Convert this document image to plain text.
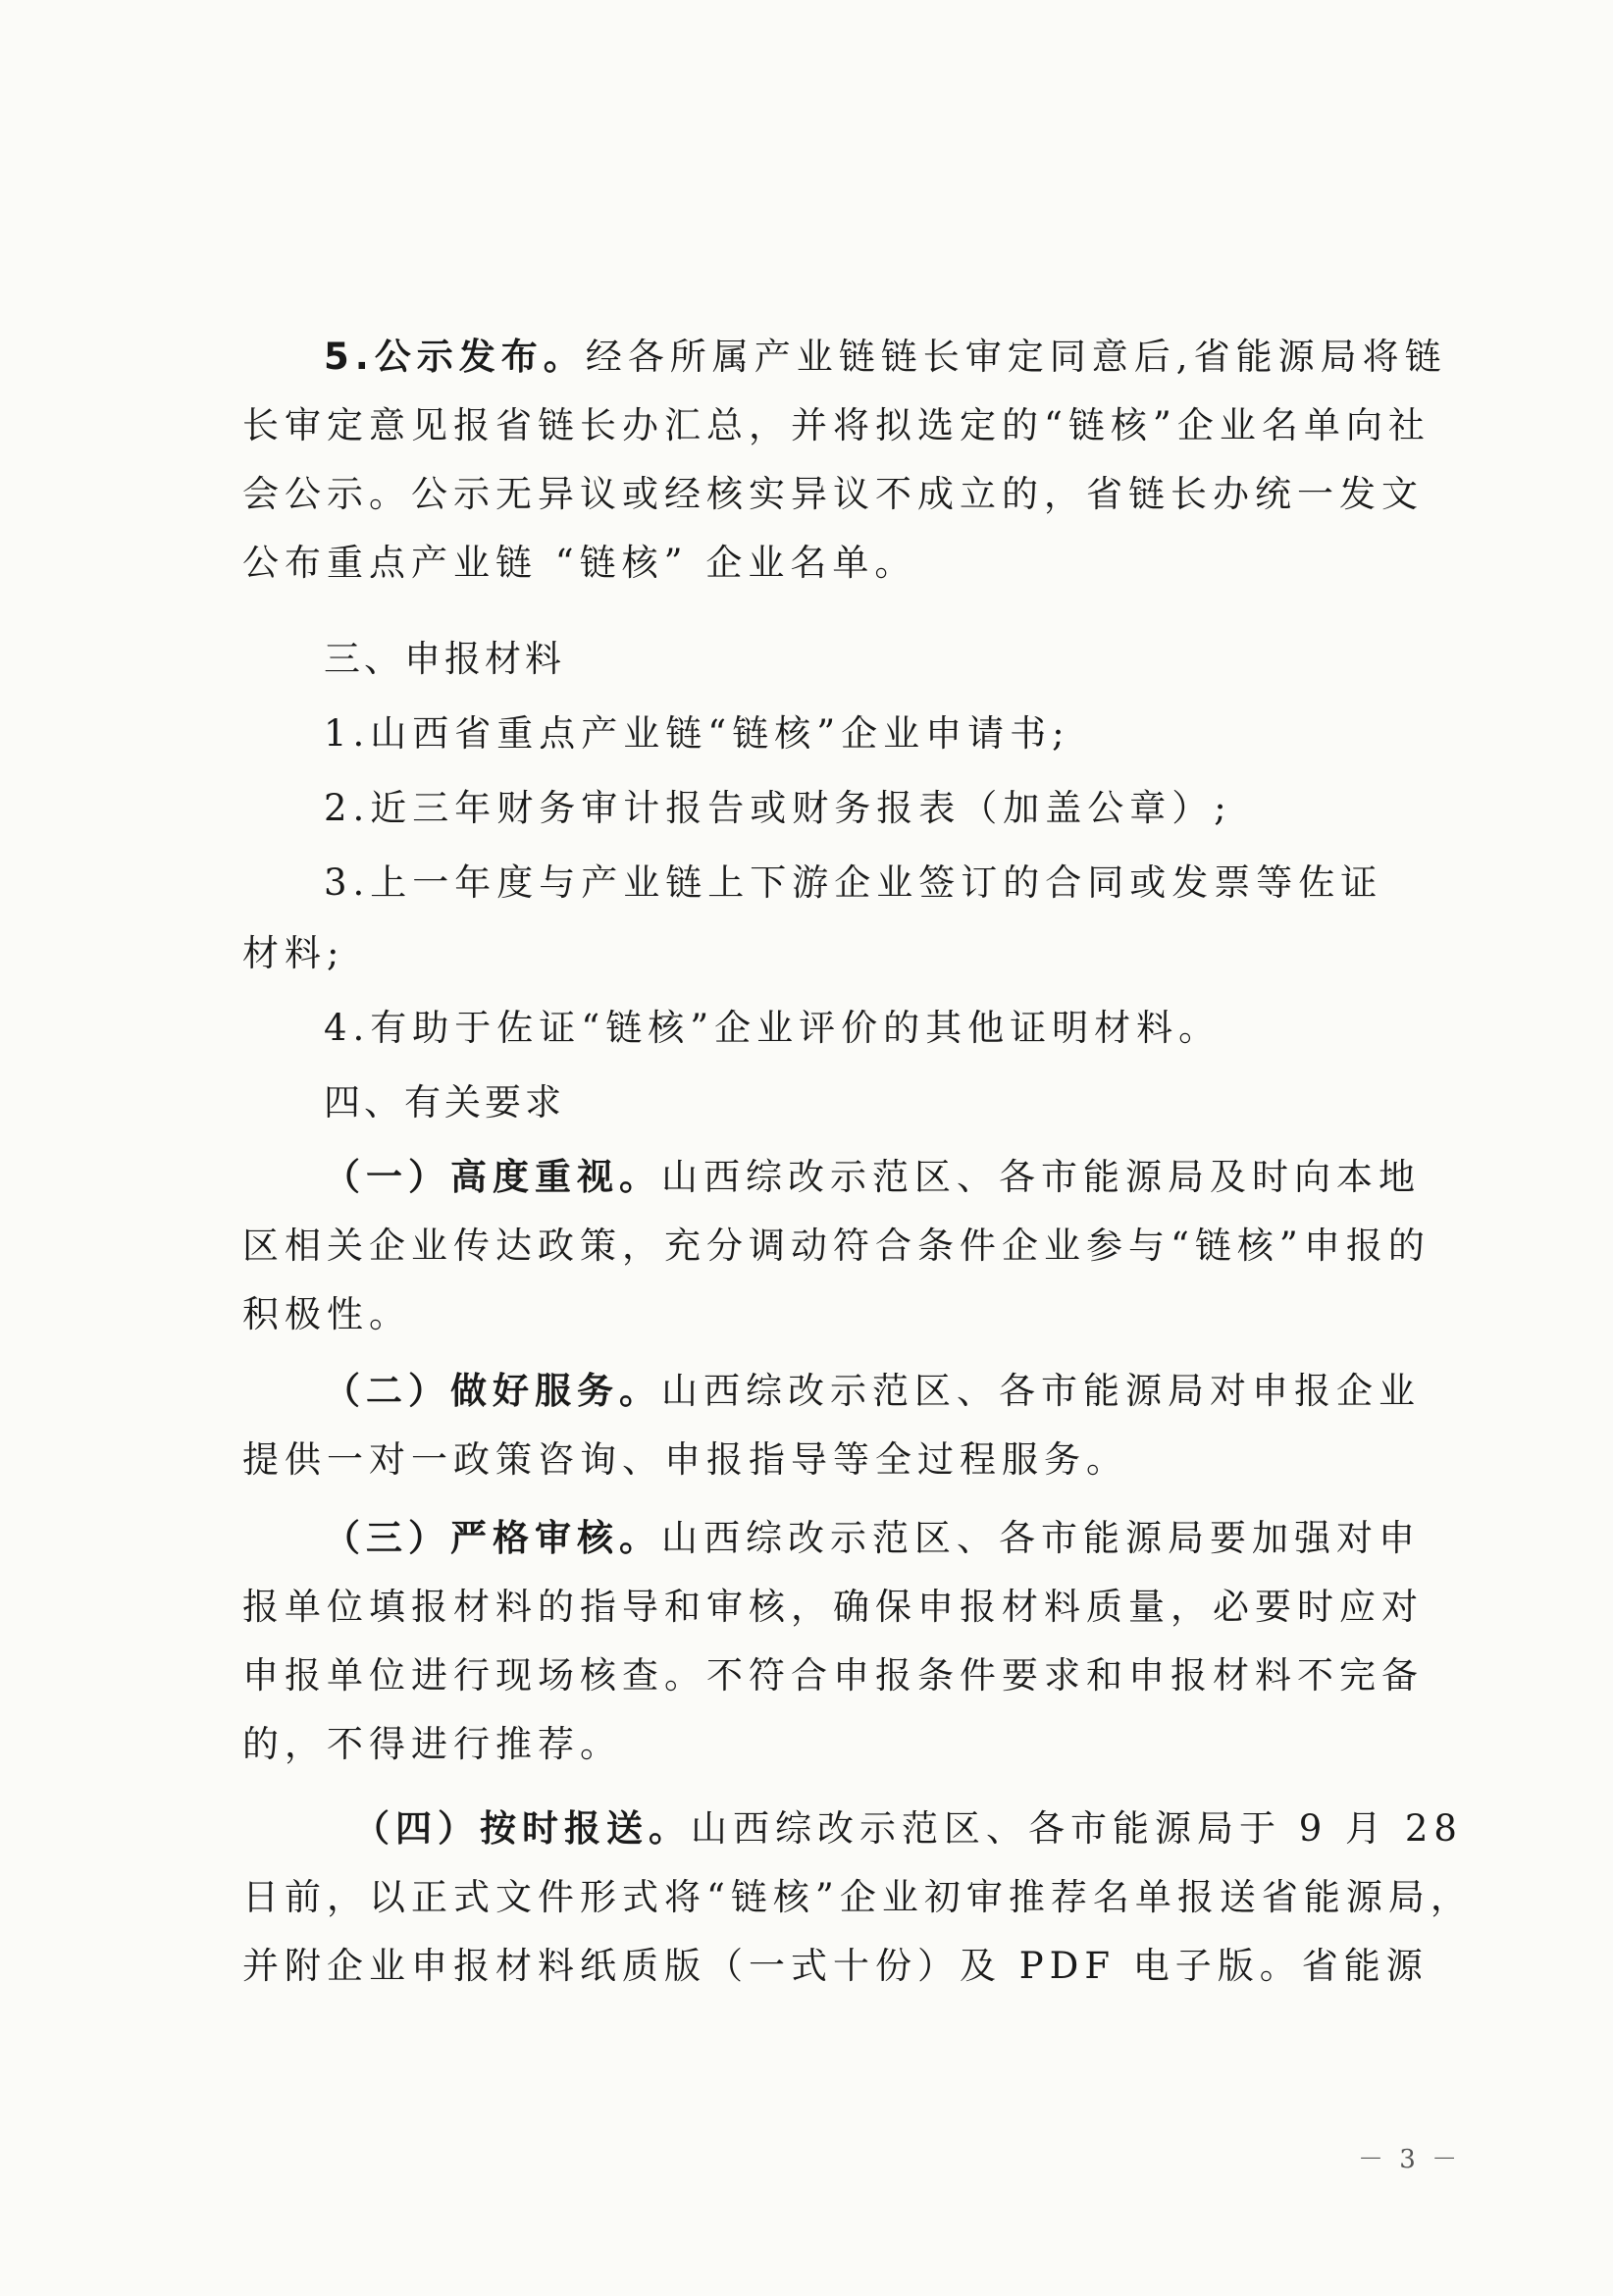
5.公示发布。经各所属产业链链长审定同意后,省能源局将链
长审定意见报省链长办汇总，并将拟选定的“链核”企业名单向社
会公示。公示无异议或经核实异议不成立的，省链长办统一发文
公布重点产业链 “链核” 企业名单。
三、申报材料
1.山西省重点产业链“链核”企业申请书;
2.近三年财务审计报告或财务报表（加盖公章）;
3.上一年度与产业链上下游企业签订的合同或发票等佐证
材料;
4.有助于佐证“链核”企业评价的其他证明材料。
四、有关要求
（一）高度重视。山西综改示范区、各市能源局及时向本地
区相关企业传达政策，充分调动符合条件企业参与“链核”申报的
积极性。
（二）做好服务。山西综改示范区、各市能源局对申报企业
提供一对一政策咨询、申报指导等全过程服务。
（三）严格审核。山西综改示范区、各市能源局要加强对申
报单位填报材料的指导和审核，确保申报材料质量，必要时应对
申报单位进行现场核查。不符合申报条件要求和申报材料不完备
的，不得进行推荐。
（四）按时报送。山西综改示范区、各市能源局于 9 月 28
日前，以正式文件形式将“链核”企业初审推荐名单报送省能源局，
并附企业申报材料纸质版（一式十份）及 PDF 电子版。省能源
－ 3 －
